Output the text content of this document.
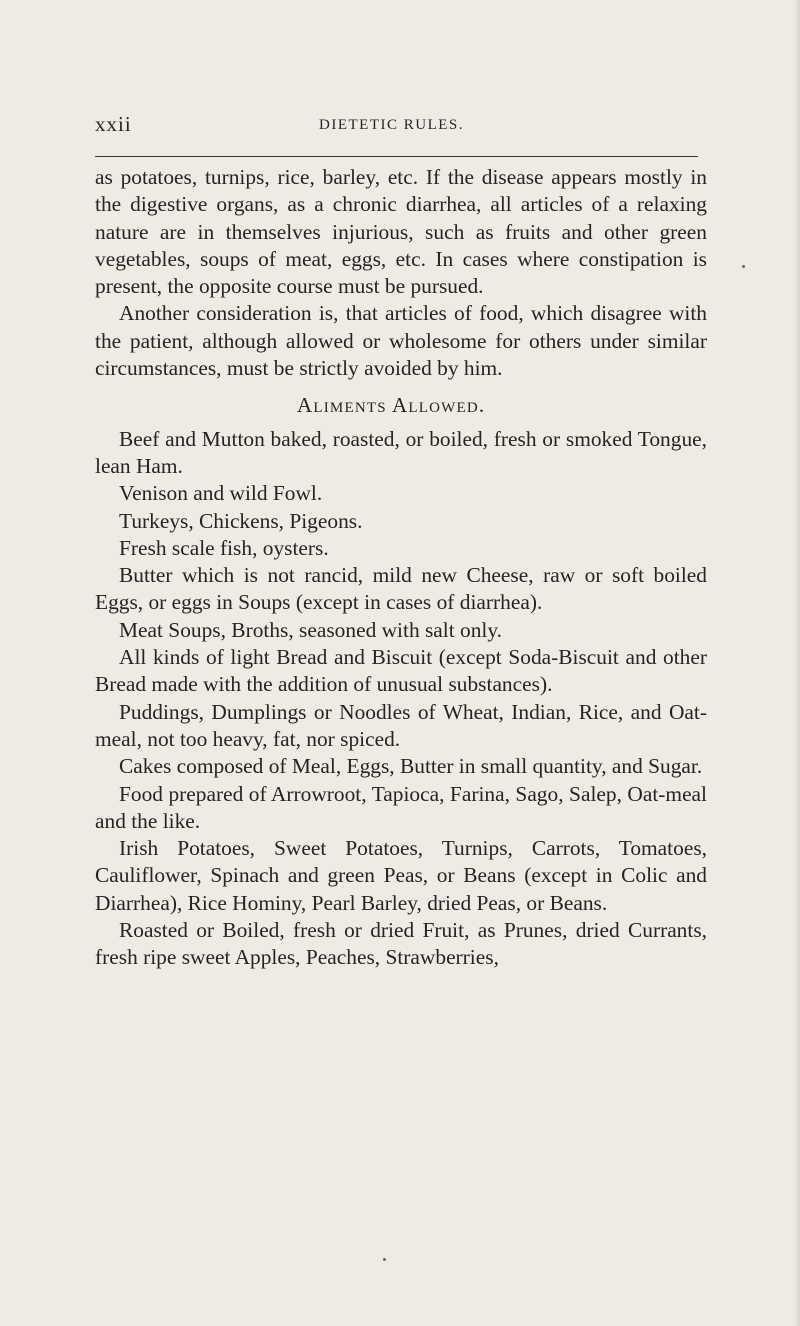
xxii	DIETETIC RULES.

as potatoes, turnips, rice, barley, etc. If the disease appears mostly in the digestive organs, as a chronic diarrhea, all articles of a relaxing nature are in themselves injurious, such as fruits and other green vegetables, soups of meat, eggs, etc. In cases where constipation is present, the opposite course must be pursued.

Another consideration is, that articles of food, which disagree with the patient, although allowed or wholesome for others under similar circumstances, must be strictly avoided by him.

Aliments Allowed.

Beef and Mutton baked, roasted, or boiled, fresh or smoked Tongue, lean Ham.

Venison and wild Fowl.

Turkeys, Chickens, Pigeons.

Fresh scale fish, oysters.

Butter which is not rancid, mild new Cheese, raw or soft boiled Eggs, or eggs in Soups (except in cases of diarrhea).

Meat Soups, Broths, seasoned with salt only.

All kinds of light Bread and Biscuit (except Soda-Biscuit and other Bread made with the addition of unusual substances).

Puddings, Dumplings or Noodles of Wheat, Indian, Rice, and Oat-meal, not too heavy, fat, nor spiced.

Cakes composed of Meal, Eggs, Butter in small quantity, and Sugar.

Food prepared of Arrowroot, Tapioca, Farina, Sago, Salep, Oat-meal and the like.

Irish Potatoes, Sweet Potatoes, Turnips, Carrots, Tomatoes, Cauliflower, Spinach and green Peas, or Beans (except in Colic and Diarrhea), Rice Hominy, Pearl Barley, dried Peas, or Beans.

Roasted or Boiled, fresh or dried Fruit, as Prunes, dried Currants, fresh ripe sweet Apples, Peaches, Strawberries,
